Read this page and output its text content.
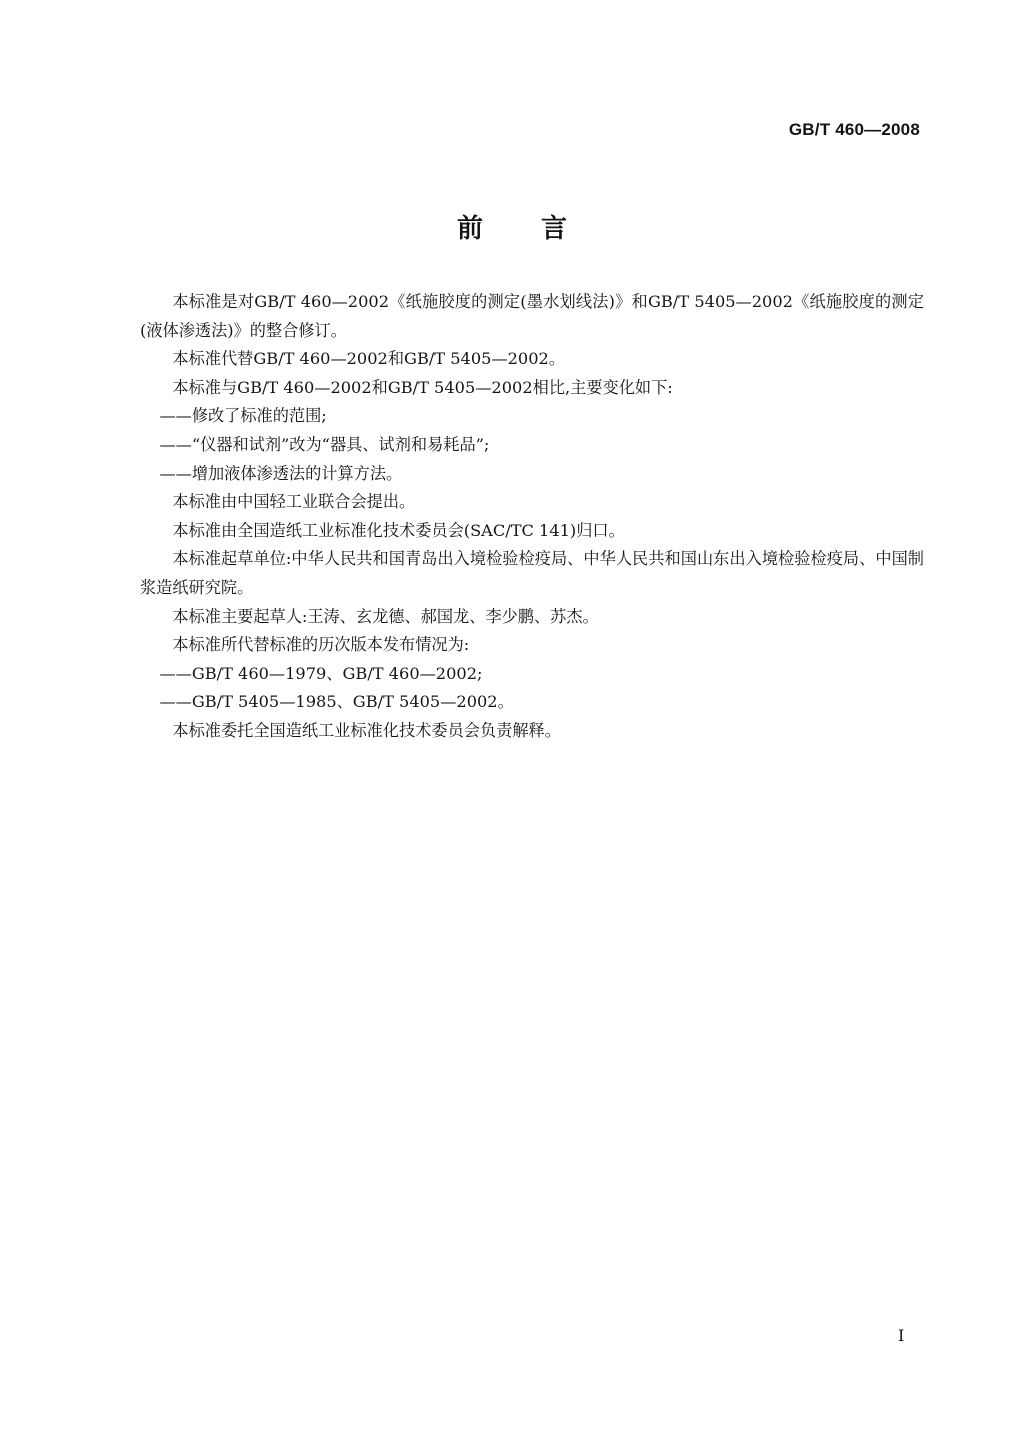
GB/T 460—2008
前 言

本标准是对GB/T 460—2002《纸施胶度的测定(墨水划线法)》和GB/T 5405—2002《纸施胶度的测定(液体渗透法)》的整合修订。

本标准代替GB/T 460—2002和GB/T 5405—2002。

本标准与GB/T 460—2002和GB/T 5405—2002相比,主要变化如下:

——修改了标准的范围;

——“仪器和试剂”改为“器具、试剂和易耗品”;

——增加液体渗透法的计算方法。

本标准由中国轻工业联合会提出。

本标准由全国造纸工业标准化技术委员会(SAC/TC 141)归口。

本标准起草单位:中华人民共和国青岛出入境检验检疫局、中华人民共和国山东出入境检验检疫局、中国制浆造纸研究院。

本标准主要起草人:王涛、玄龙德、郝国龙、李少鹏、苏杰。

本标准所代替标准的历次版本发布情况为:

——GB/T 460—1979、GB/T 460—2002;

——GB/T 5405—1985、GB/T 5405—2002。

本标准委托全国造纸工业标准化技术委员会负责解释。

I
